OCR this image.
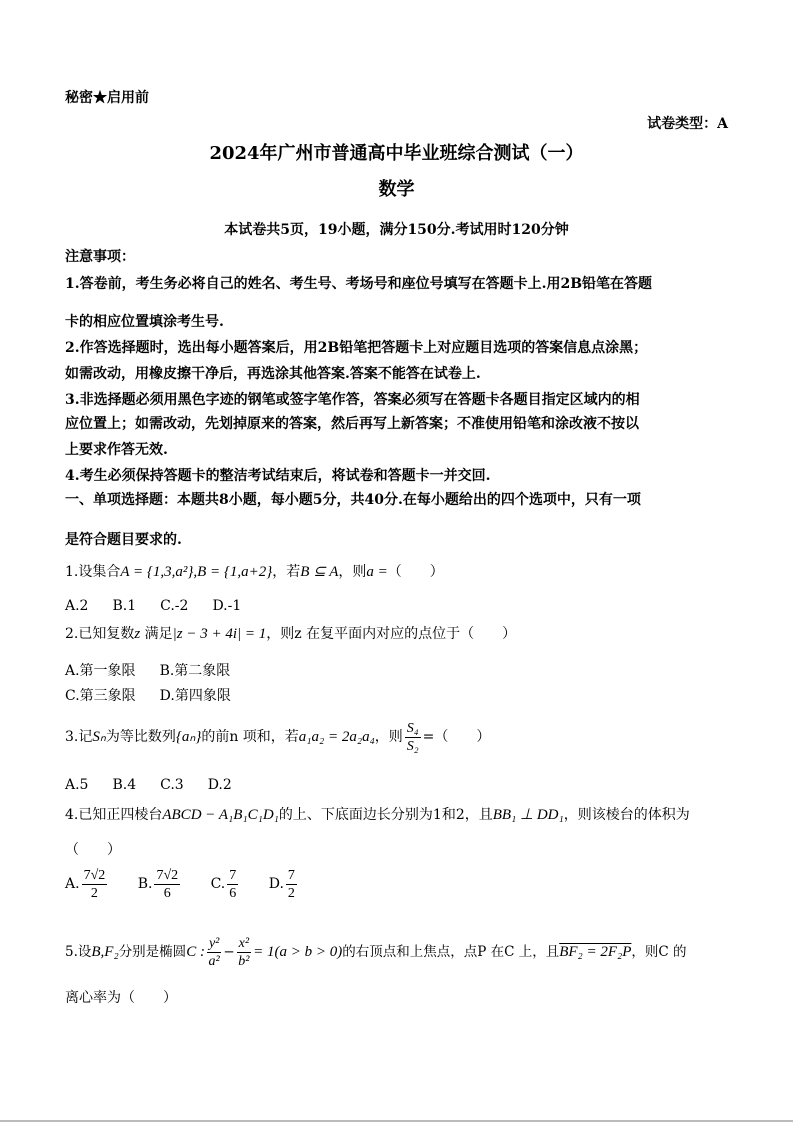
秘密★启用前
试卷类型：A
2024年广州市普通高中毕业班综合测试（一）
数学
本试卷共5页，19小题，满分150分.考试用时120分钟
注意事项：
1.答卷前，考生务必将自己的姓名、考生号、考场号和座位号填写在答题卡上.用2B铅笔在答题
卡的相应位置填涂考生号.
2.作答选择题时，选出每小题答案后，用2B铅笔把答题卡上对应题目选项的答案信息点涂黑；
如需改动，用橡皮擦干净后，再选涂其他答案.答案不能答在试卷上.
3.非选择题必须用黑色字迹的钢笔或签字笔作答，答案必须写在答题卡各题目指定区域内的相
应位置上；如需改动，先划掉原来的答案，然后再写上新答案；不准使用铅笔和涂改液不按以
上要求作答无效.
4.考生必须保持答题卡的整洁考试结束后，将试卷和答题卡一并交回.
一、单项选择题：本题共8小题，每小题5分，共40分.在每小题给出的四个选项中，只有一项
是符合题目要求的.
1.设集合A = {1,3,a²},B = {1,a+2}，若B ⊆ A，则a =（　　）
A.2 B.1 C.-2 D.-1
2.已知复数z 满足|z − 3 + 4i| = 1，则z 在复平面内对应的点位于（　　）
A.第一象限 B.第二象限
C.第三象限 D.第四象限
3.记Sₙ为等比数列{aₙ}的前n 项和，若a₁a₂ = 2a₂a₄，则 $\frac{\text{S₄}}{\text{S₂}}$ =（　　）
A.5 B.4 C.3 D.2
4.已知正四棱台ABCD − A₁B₁C₁D₁的上、下底面边长分别为1和2，且BB₁ ⊥ DD₁，则该棱台的体积为
（　　）
A. $\frac{7√2}{2} B$. $\frac{7√2}{6} C$. $\frac{7}{6} D$. $\frac{7}{2}$
5.设B,F₂分别是椭圆C : $\frac{\text{y²}}{\text{a²}} - \frac{\text{x²}}{\text{b²}} = 1(a > b > 0)$的右顶点和上焦点，点P 在C 上，且BF₂ = 2F₂P，则C 的
离心率为（　　）
